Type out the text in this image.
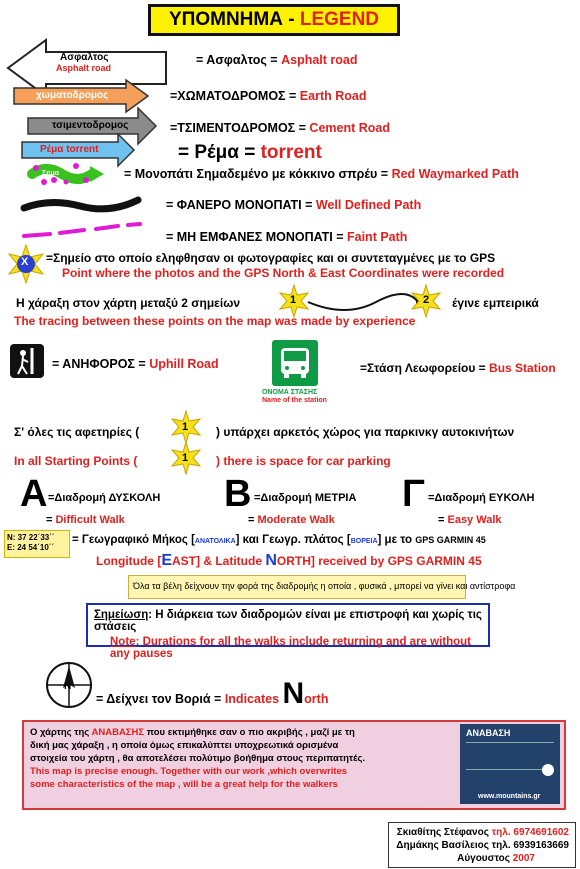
ΥΠΟΜΝΗΜΑ - LEGEND
Ασφαλτος
Asphalt road
χωματοδρομος
τσιμεντοδρομος
Ρέμα torrent
Σημα
= Ασφαλτος = Asphalt road
=ΧΩΜΑΤΟΔΡΟΜΟΣ = Earth Road
=ΤΣΙΜΕΝΤΟΔΡΟΜΟΣ = Cement Road
= Ρέμα = torrent
= Μονοπάτι Σημαδεμένο με κόκκινο σπρέυ = Red Waymarked Path
= ΦΑΝΕΡΟ ΜΟΝΟΠΑΤΙ = Well Defined Path
= ΜΗ ΕΜΦΑΝΕΣ ΜΟΝΟΠΑΤΙ = Faint Path
X =Σημείο στο οποίο εληφθησαν οι φωτογραφίες και οι συντεταγμένες με το GPS
Point where the photos and the GPS North & East Coordinates were recorded
Η χάραξη στον χάρτη μεταξύ 2 σημείων	1	2 έγινε εμπειρικά
The tracing between these points on the map was made by experience
= ΑΝΗΦΟΡΟΣ = Uphill Road
ΟΝΟΜΑ ΣΤΑΣΗΣ
Name of the station
=Στάση Λεωφορείου = Bus Station
Σ' όλες τις αφετηρίες (	1 ) υπάρχει αρκετός χώρος για παρκινκγ αυτοκινήτων
In all Starting Points (	1 ) there is space for car parking
A =Διαδρομή ΔΥΣΚΟΛΗ
= Difficult Walk
B =Διαδρομή ΜΕΤΡΙΑ
= Moderate Walk
Γ =Διαδρομή ΕΥΚΟΛΗ
= Easy Walk
N: 37 22΄33΄΄
E: 24 54΄10΄΄
= Γεωγραφικό Μήκος [ΑΝΑΤΟΛΙΚΑ] και Γεωγρ. πλάτος [ΒΟΡΕΙΑ] με το GPS GARMIN 45
Longitude [EAST] & Latitude NORTH] received by GPS GARMIN 45
Όλα τα βέλη δείχνουν την φορά της διαδρομής η οποία , φυσικά , μπορεί να γίνει και αντίστροφα
Σημείωση: Η διάρκεια των διαδρομών είναι με επιστροφή και χωρίς τις στάσεις
Note: Durations for all the walks include returning and are without any pauses
N
= Δείχνει τον Βοριά = Indicates North
Ο χάρτης της ΑΝΑΒΑΣΗΣ που εκτιμήθηκε σαν ο πιο ακριβής , μαζί με τη
δική μας χάραξη , η οποία όμως επικαλύπτει υποχρεωτικά ορισμένα
στοιχεία του χάρτη , θα αποτελέσει πολύτιμο βοήθημα στους περιπατητές.
This map is precise enough. Together with our work ,which overwrites
some characteristics of the map , will be a great help for the walkers
ΑΝΑΒΑΣΗ
www.mountains.gr
Σκιαθίτης Στέφανος τηλ. 6974691602
Δημάκης Βασίλειος τηλ. 6939163669
Αύγουστος 2007
